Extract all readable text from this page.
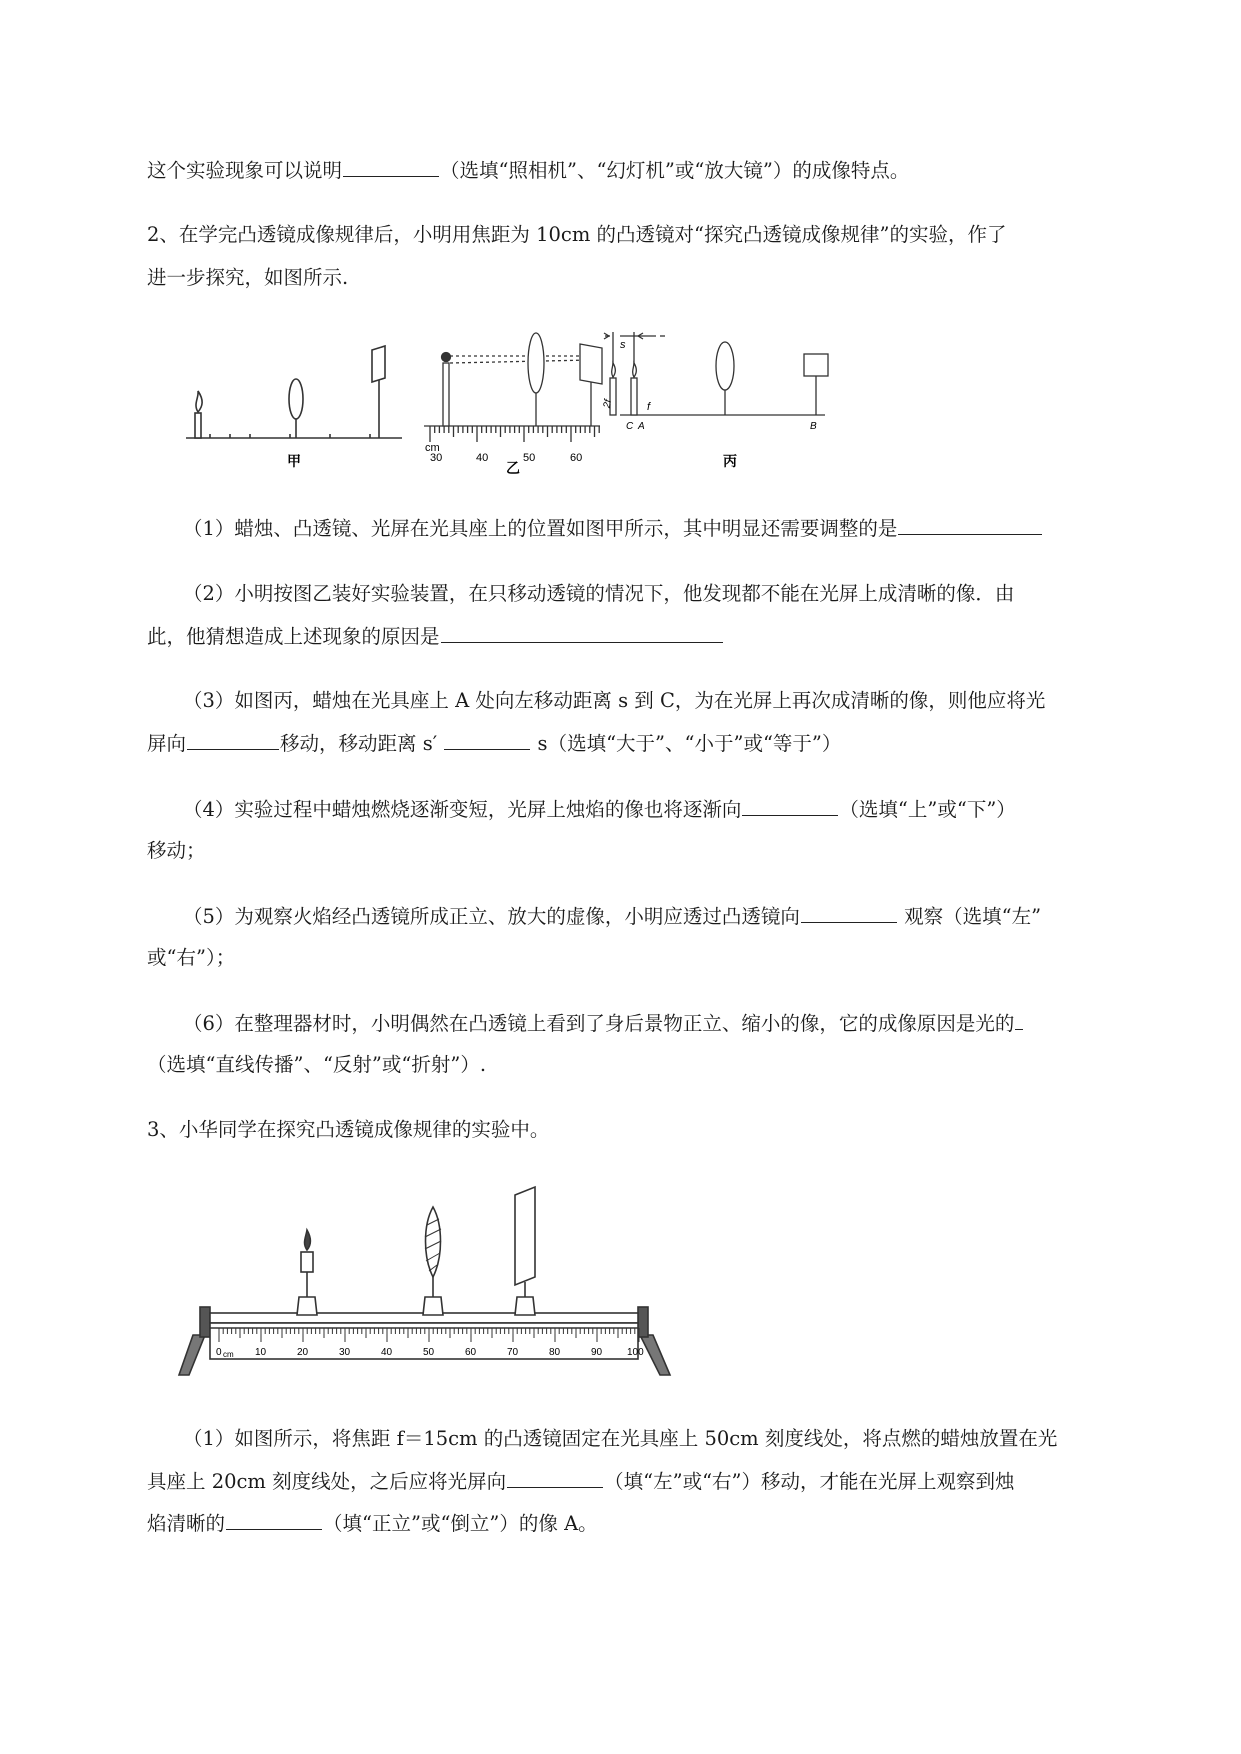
这个实验现象可以说明	（选填“照相机”、“幻灯机”或“放大镜”）的成像特点。
2、在学完凸透镜成像规律后，小明用焦距为 10cm 的凸透镜对“探究凸透镜成像规律”的实验，作了
进一步探究，如图所示.
甲
cm
30	40	50	60
乙
s
2f	f
C A	B
丙
（1）蜡烛、凸透镜、光屏在光具座上的位置如图甲所示，其中明显还需要调整的是
（2）小明按图乙装好实验装置，在只移动透镜的情况下，他发现都不能在光屏上成清晰的像．由
此，他猜想造成上述现象的原因是
（3）如图丙，蜡烛在光具座上 A 处向左移动距离 s 到 C，为在光屏上再次成清晰的像，则他应将光
屏向	移动，移动距离 s′	s（选填“大于”、“小于”或“等于”）
（4）实验过程中蜡烛燃烧逐渐变短，光屏上烛焰的像也将逐渐向	（选填“上”或“下”）
移动；
（5）为观察火焰经凸透镜所成正立、放大的虚像，小明应透过凸透镜向	观察（选填“左”
或“右”）；
（6）在整理器材时，小明偶然在凸透镜上看到了身后景物正立、缩小的像，它的成像原因是光的
（选填“直线传播”、“反射”或“折射”）.
3、小华同学在探究凸透镜成像规律的实验中。
0 cm 10	20	30	40	50	60	70	80	90 100
（1）如图所示，将焦距 f＝15cm 的凸透镜固定在光具座上 50cm 刻度线处，将点燃的蜡烛放置在光
具座上 20cm 刻度线处，之后应将光屏向	（填“左”或“右”）移动，才能在光屏上观察到烛
焰清晰的	（填“正立”或“倒立”）的像 A。
